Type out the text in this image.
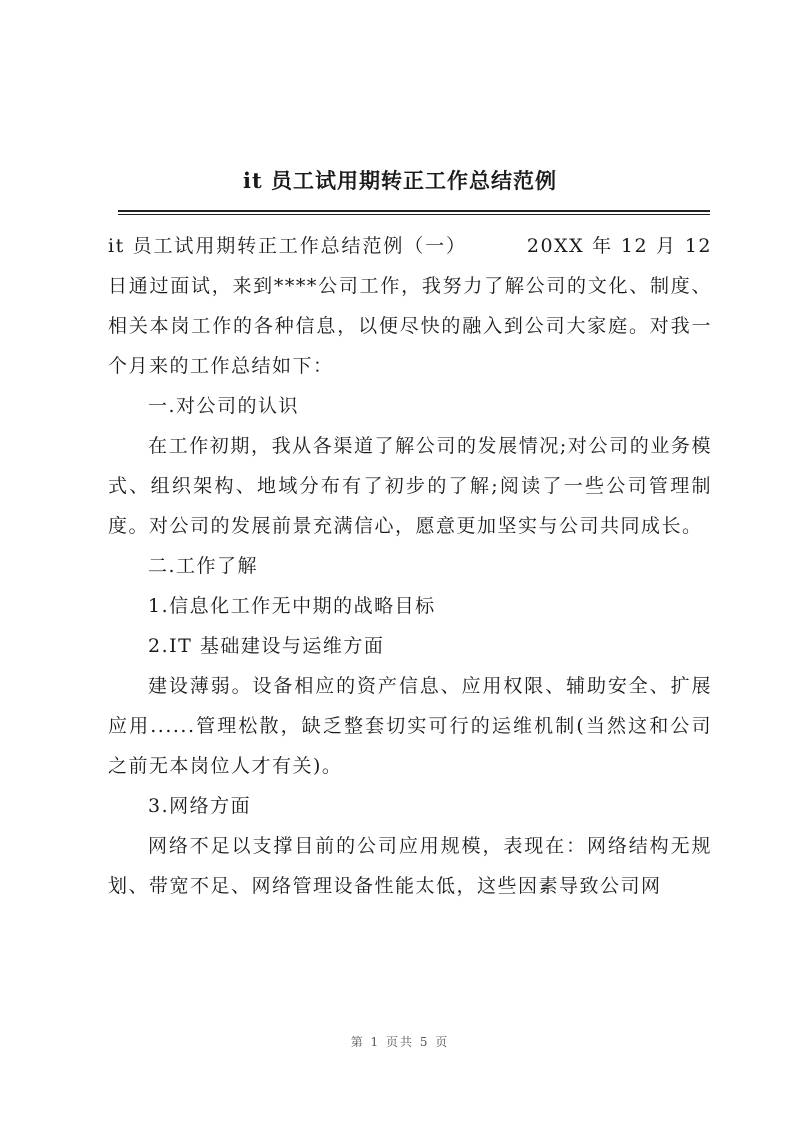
it 员工试用期转正工作总结范例

it 员工试用期转正工作总结范例（一）	20XX 年 12 月 12 日通过面试，来到****公司工作，我努力了解公司的文化、制度、相关本岗工作的各种信息，以便尽快的融入到公司大家庭。对我一个月来的工作总结如下：

一.对公司的认识

在工作初期，我从各渠道了解公司的发展情况;对公司的业务模式、组织架构、地域分布有了初步的了解;阅读了一些公司管理制度。对公司的发展前景充满信心，愿意更加坚实与公司共同成长。

二.工作了解

1.信息化工作无中期的战略目标

2.IT 基础建设与运维方面

建设薄弱。设备相应的资产信息、应用权限、辅助安全、扩展应用......管理松散，缺乏整套切实可行的运维机制(当然这和公司之前无本岗位人才有关)。

3.网络方面

网络不足以支撑目前的公司应用规模，表现在：网络结构无规划、带宽不足、网络管理设备性能太低，这些因素导致公司网

第 1 页共 5 页
